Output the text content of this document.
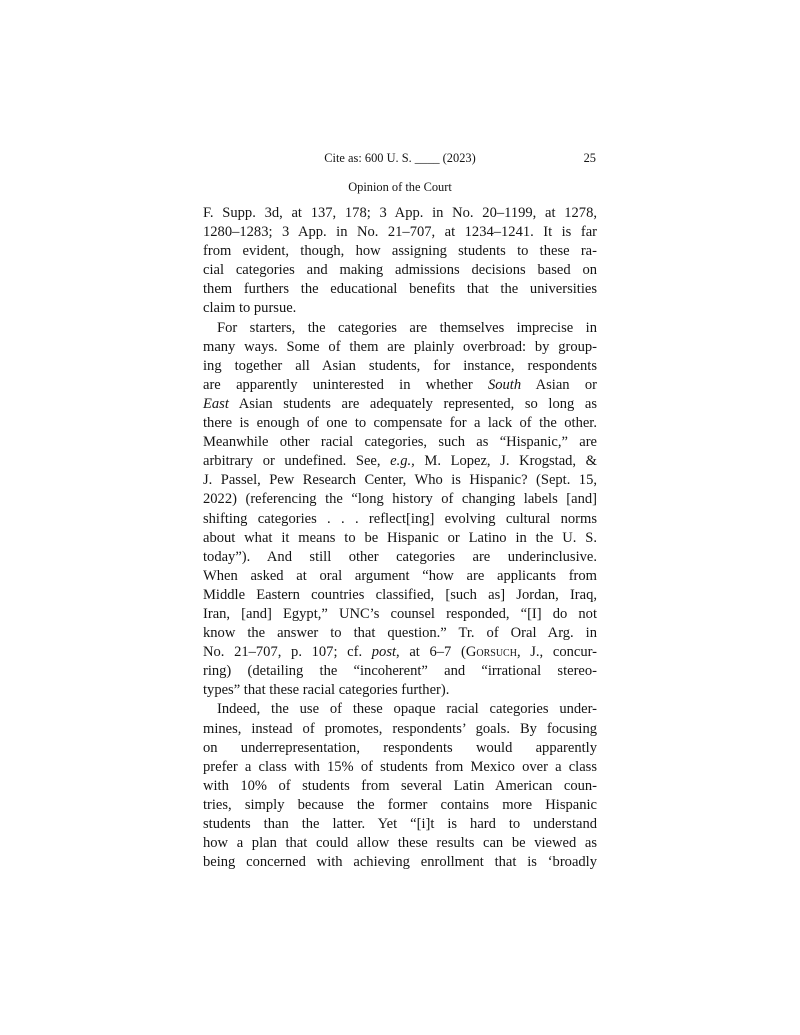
Cite as: 600 U. S. ____ (2023)	25
Opinion of the Court
F. Supp. 3d, at 137, 178; 3 App. in No. 20–1199, at 1278,
1280–1283; 3 App. in No. 21–707, at 1234–1241. It is far
from evident, though, how assigning students to these ra-
cial categories and making admissions decisions based on
them furthers the educational benefits that the universities
claim to pursue.
For starters, the categories are themselves imprecise in
many ways. Some of them are plainly overbroad: by group-
ing together all Asian students, for instance, respondents
are apparently uninterested in whether South Asian or
East Asian students are adequately represented, so long as
there is enough of one to compensate for a lack of the other.
Meanwhile other racial categories, such as “Hispanic,” are
arbitrary or undefined. See, e.g., M. Lopez, J. Krogstad, &
J. Passel, Pew Research Center, Who is Hispanic? (Sept. 15,
2022) (referencing the “long history of changing labels [and]
shifting categories . . . reflect[ing] evolving cultural norms
about what it means to be Hispanic or Latino in the U. S.
today”). And still other categories are underinclusive.
When asked at oral argument “how are applicants from
Middle Eastern countries classified, [such as] Jordan, Iraq,
Iran, [and] Egypt,” UNC’s counsel responded, “[I] do not
know the answer to that question.” Tr. of Oral Arg. in
No. 21–707, p. 107; cf. post, at 6–7 (Gorsuch, J., concur-
ring) (detailing the “incoherent” and “irrational stereo-
types” that these racial categories further).
Indeed, the use of these opaque racial categories under-
mines, instead of promotes, respondents’ goals. By focusing
on underrepresentation, respondents would apparently
prefer a class with 15% of students from Mexico over a class
with 10% of students from several Latin American coun-
tries, simply because the former contains more Hispanic
students than the latter. Yet “[i]t is hard to understand
how a plan that could allow these results can be viewed as
being concerned with achieving enrollment that is ‘broadly
